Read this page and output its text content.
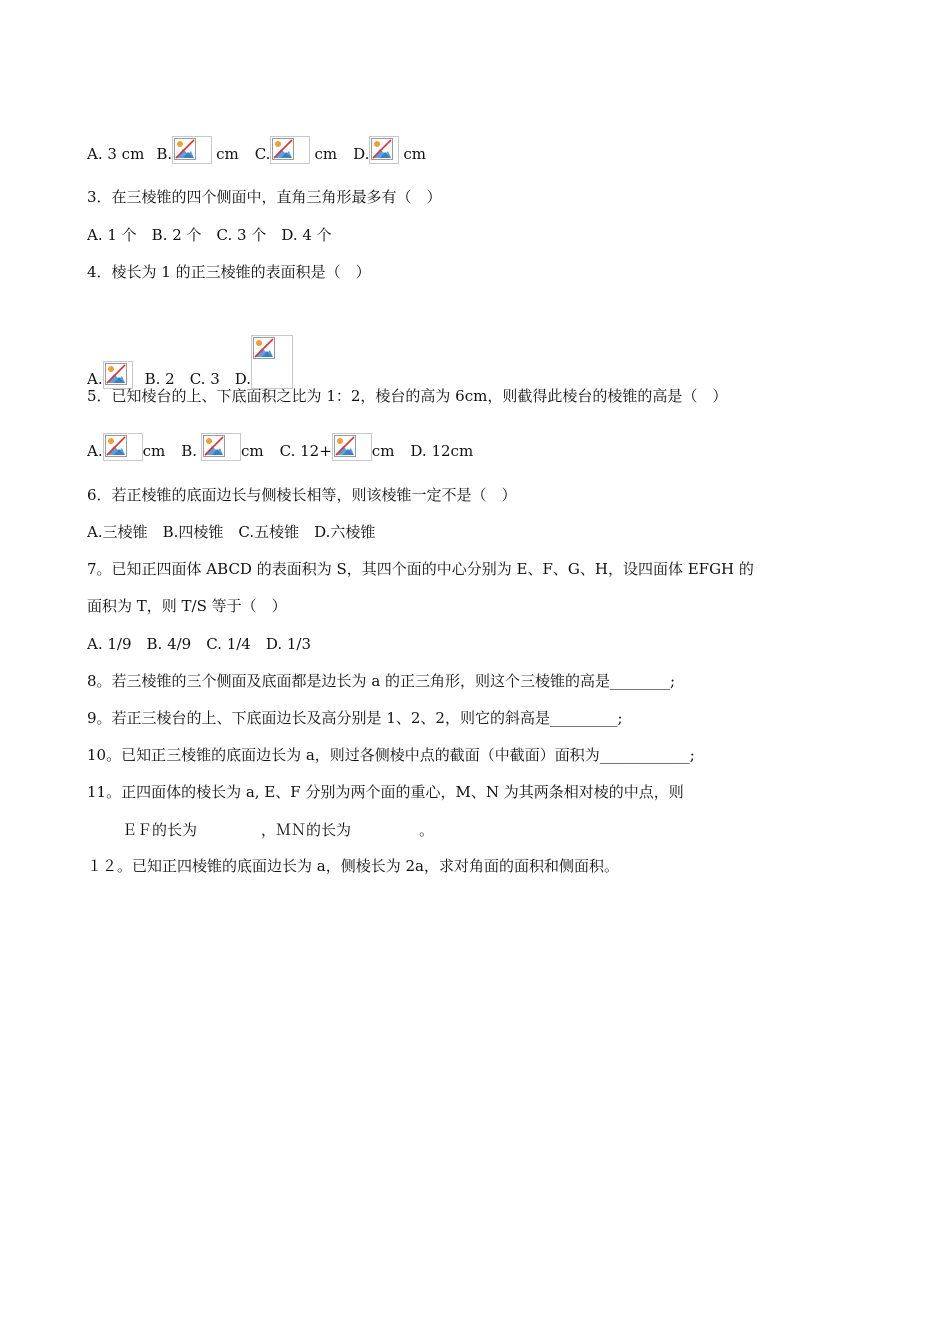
A. 3 cm B.	cm C.	cm D. cm
3．在三棱锥的四个侧面中，直角三角形最多有（　）
A. 1 个　B. 2 个　C. 3 个　D. 4 个
4．棱长为 1 的正三棱锥的表面积是（　）
A.	B. 2　C. 3　D.
5．已知棱台的上、下底面积之比为 1：2，棱台的高为 6cm，则截得此棱台的棱锥的高是（　）
A.	cm B.	cm C. 12+	cm D. 12cm
6．若正棱锥的底面边长与侧棱长相等，则该棱锥一定不是（　）
A.三棱锥　B.四棱锥　C.五棱锥　D.六棱锥
7。已知正四面体 ABCD 的表面积为 S，其四个面的中心分别为 E、F、G、H，设四面体 EFGH 的
面积为 T，则 T/S 等于（　）
A. 1/9　B. 4/9　C. 1/4　D. 1/3
8。若三棱锥的三个侧面及底面都是边长为 a 的正三角形，则这个三棱锥的高是________;
9。若正三棱台的上、下底面边长及高分别是 1、2、2，则它的斜高是_________;
10。已知正三棱锥的底面边长为 a，则过各侧棱中点的截面（中截面）面积为____________;
11。正四面体的棱长为 a, E、F 分别为两个面的重心，M、N 为其两条相对棱的中点，则
ＥＦ的长为	，ＭＮ的长为	。
１２。已知正四棱锥的底面边长为 a，侧棱长为 2a，求对角面的面积和侧面积。
